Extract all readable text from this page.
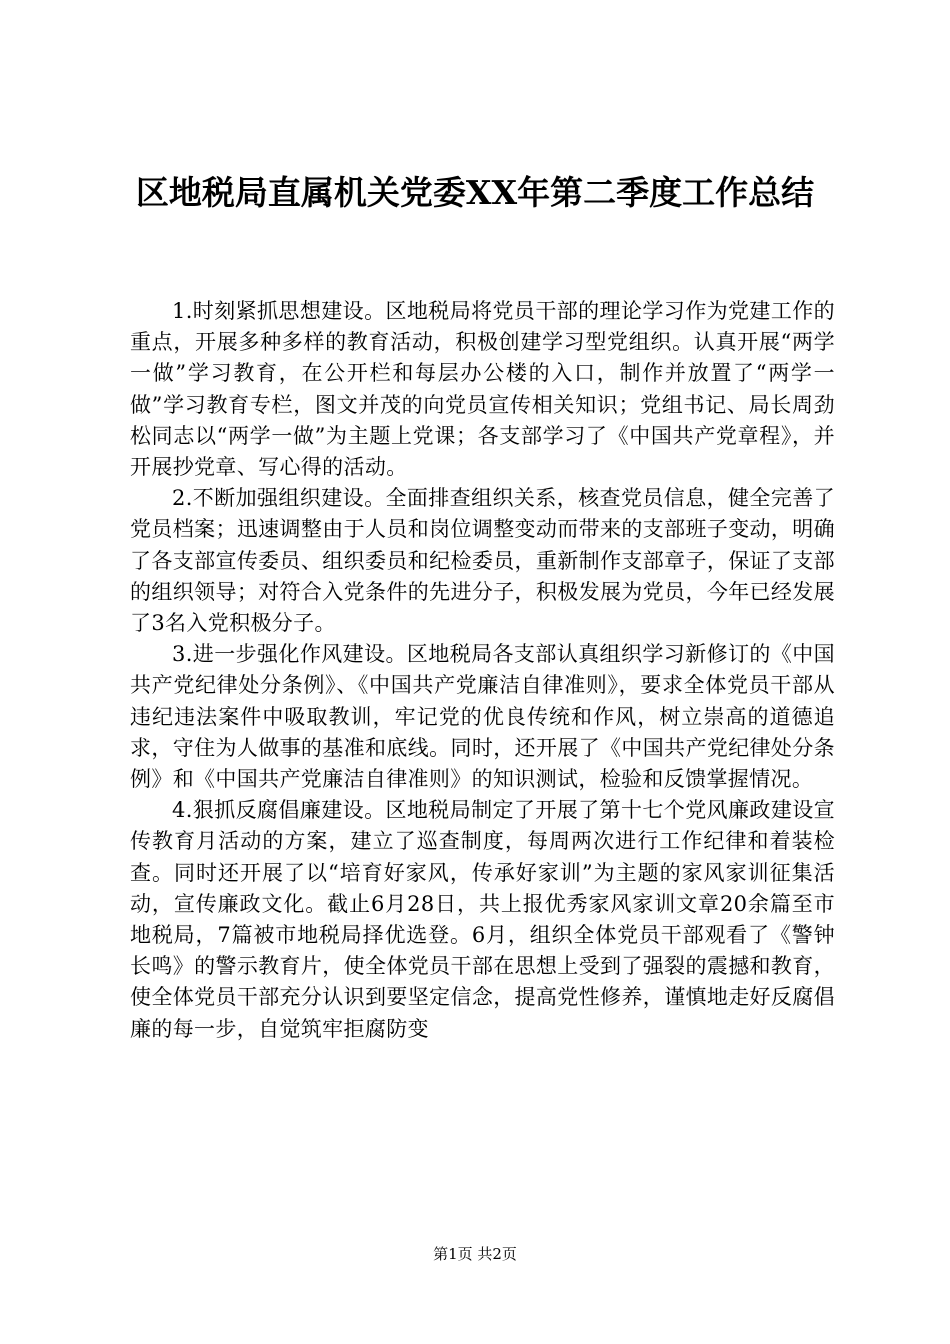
区地税局直属机关党委XX年第二季度工作总结

1.时刻紧抓思想建设。区地税局将党员干部的理论学习作为党建工作的重点，开展多种多样的教育活动，积极创建学习型党组织。认真开展“两学一做”学习教育，在公开栏和每层办公楼的入口，制作并放置了“两学一做”学习教育专栏，图文并茂的向党员宣传相关知识；党组书记、局长周劲松同志以“两学一做”为主题上党课；各支部学习了《中国共产党章程》，并开展抄党章、写心得的活动。

2.不断加强组织建设。全面排查组织关系，核查党员信息，健全完善了党员档案；迅速调整由于人员和岗位调整变动而带来的支部班子变动，明确了各支部宣传委员、组织委员和纪检委员，重新制作支部章子，保证了支部的组织领导；对符合入党条件的先进分子，积极发展为党员，今年已经发展了3名入党积极分子。

3.进一步强化作风建设。区地税局各支部认真组织学习新修订的《中国共产党纪律处分条例》、《中国共产党廉洁自律准则》，要求全体党员干部从违纪违法案件中吸取教训，牢记党的优良传统和作风，树立崇高的道德追求，守住为人做事的基准和底线。同时，还开展了《中国共产党纪律处分条例》和《中国共产党廉洁自律准则》的知识测试，检验和反馈掌握情况。

4.狠抓反腐倡廉建设。区地税局制定了开展了第十七个党风廉政建设宣传教育月活动的方案，建立了巡查制度，每周两次进行工作纪律和着装检查。同时还开展了以“培育好家风，传承好家训”为主题的家风家训征集活动，宣传廉政文化。截止6月28日，共上报优秀家风家训文章20余篇至市地税局，7篇被市地税局择优选登。6月，组织全体党员干部观看了《警钟长鸣》的警示教育片，使全体党员干部在思想上受到了强裂的震撼和教育，使全体党员干部充分认识到要坚定信念，提高党性修养，谨慎地走好反腐倡廉的每一步，自觉筑牢拒腐防变

第1页 共2页
